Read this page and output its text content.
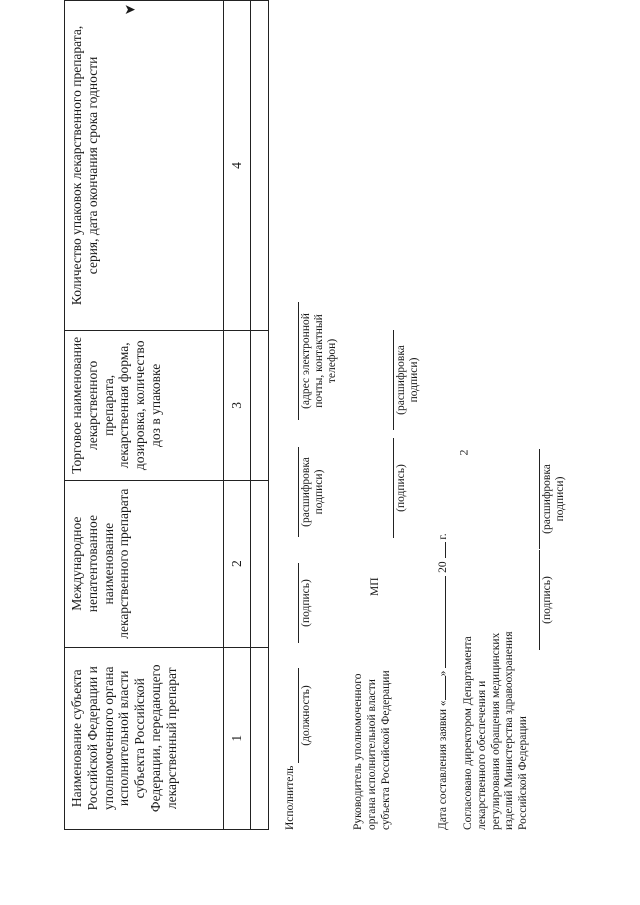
➤
2
Наименование субъекта Российской Федерации и уполномоченного органа исполнительной власти субъекта Российской Федерации, передающего лекарственный препарат	Международное непатентованное наименование лекарственного препарата	Торговое наименование лекарственного препарата, лекарственная форма, дозировка, количество доз в упаковке	Количество упаковок лекарственного препарата, серия, дата окончания срока годности
1	2	3	4

Исполнитель
(должность)
(подпись)
(расшифровка подписи)
(адрес электронной почты, контактный телефон)
Руководитель уполномоченного органа исполнительной власти субъекта Российской Федерации
МП
(подпись)
(расшифровка подписи)
Дата составления заявки «»  20  г.
Согласовано директором Департамента лекарственного обеспечения и регулирования обращения медицинских изделий Министерства здравоохранения Российской Федерации
(подпись)
(расшифровка подписи)
